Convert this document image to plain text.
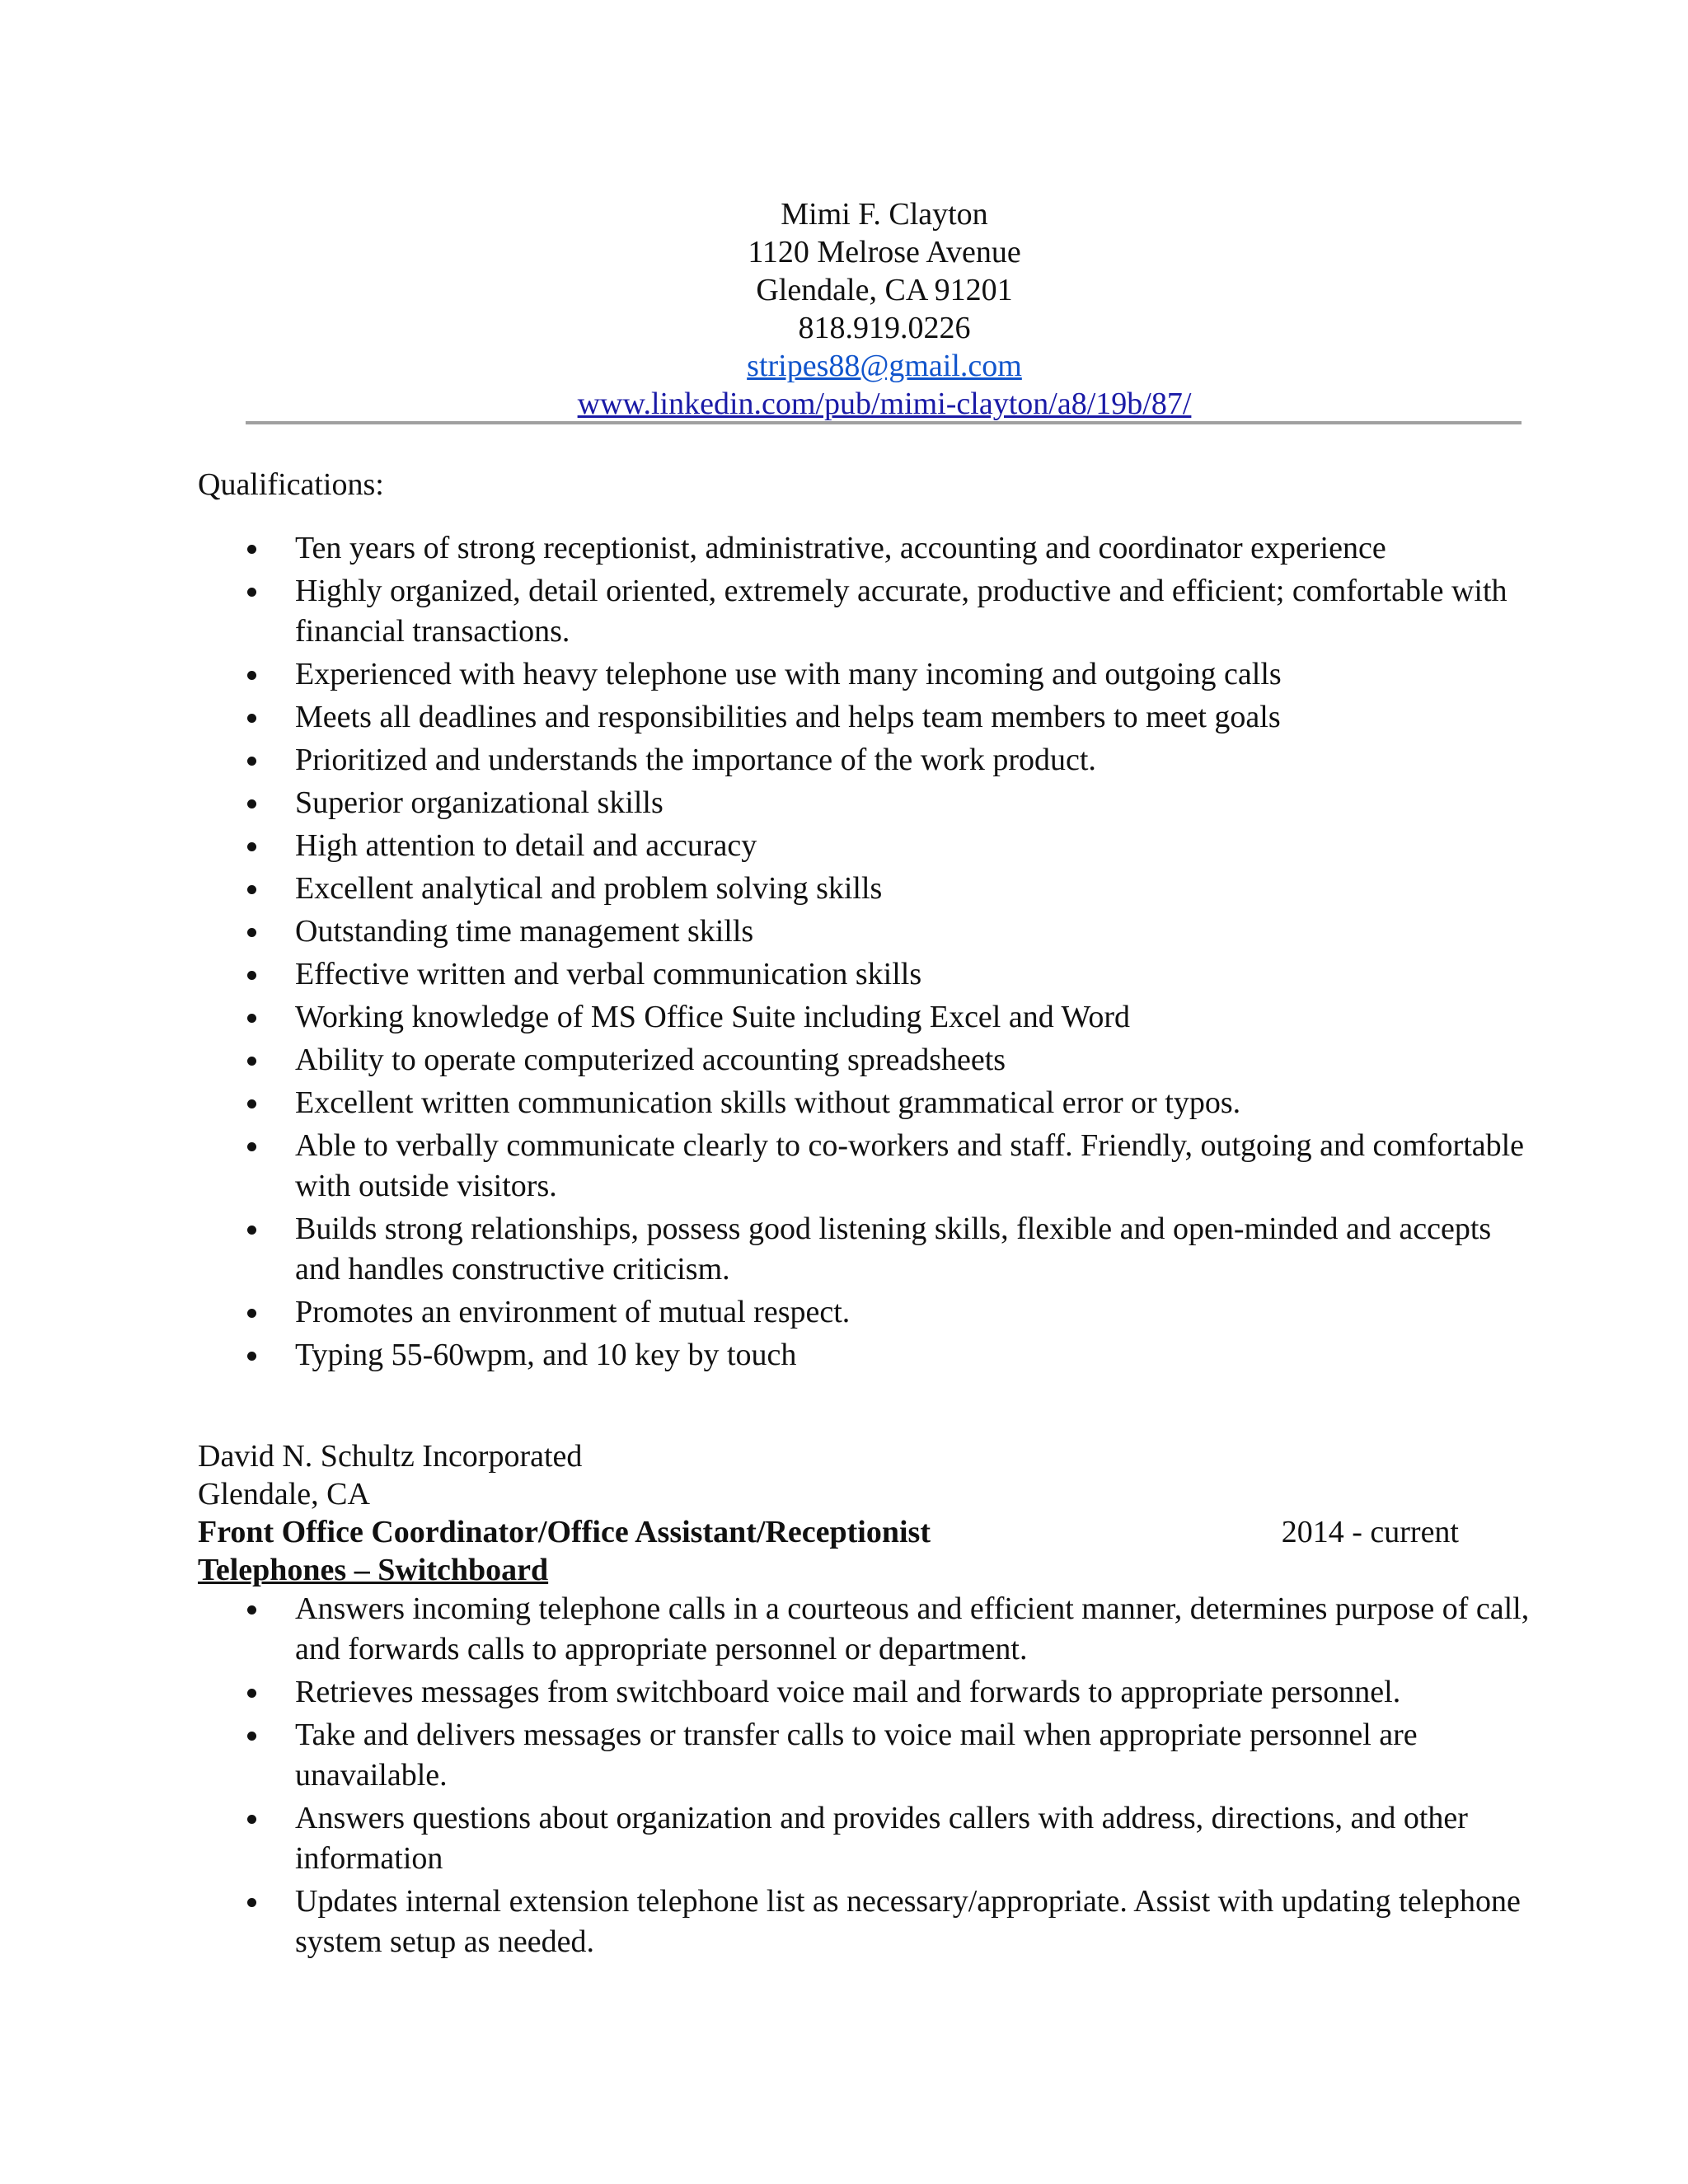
Mimi F. Clayton
1120 Melrose Avenue
Glendale, CA 91201
818.919.0226
stripes88@gmail.com
www.linkedin.com/pub/mimi-clayton/a8/19b/87/
Qualifications:
Ten years of strong receptionist, administrative, accounting and coordinator experience
Highly organized, detail oriented, extremely accurate, productive and efficient; comfortable with financial transactions.
Experienced with heavy telephone use with many incoming and outgoing calls
Meets all deadlines and responsibilities and helps team members to meet goals
Prioritized and understands the importance of the work product.
Superior organizational skills
High attention to detail and accuracy
Excellent analytical and problem solving skills
Outstanding time management skills
Effective written and verbal communication skills
Working knowledge of MS Office Suite including Excel and Word
Ability to operate computerized accounting spreadsheets
Excellent written communication skills without grammatical error or typos.
Able to verbally communicate clearly to co-workers and staff. Friendly, outgoing and comfortable with outside visitors.
Builds strong relationships, possess good listening skills, flexible and open-minded and accepts and handles constructive criticism.
Promotes an environment of mutual respect.
Typing 55-60wpm, and 10 key by touch
David N. Schultz Incorporated
Glendale, CA
Front Office Coordinator/Office Assistant/Receptionist	2014 - current
Telephones – Switchboard
Answers incoming telephone calls in a courteous and efficient manner, determines purpose of call, and forwards calls to appropriate personnel or department.
Retrieves messages from switchboard voice mail and forwards to appropriate personnel.
Take and delivers messages or transfer calls to voice mail when appropriate personnel are unavailable.
Answers questions about organization and provides callers with address, directions, and other information
Updates internal extension telephone list as necessary/appropriate. Assist with updating telephone system setup as needed.
